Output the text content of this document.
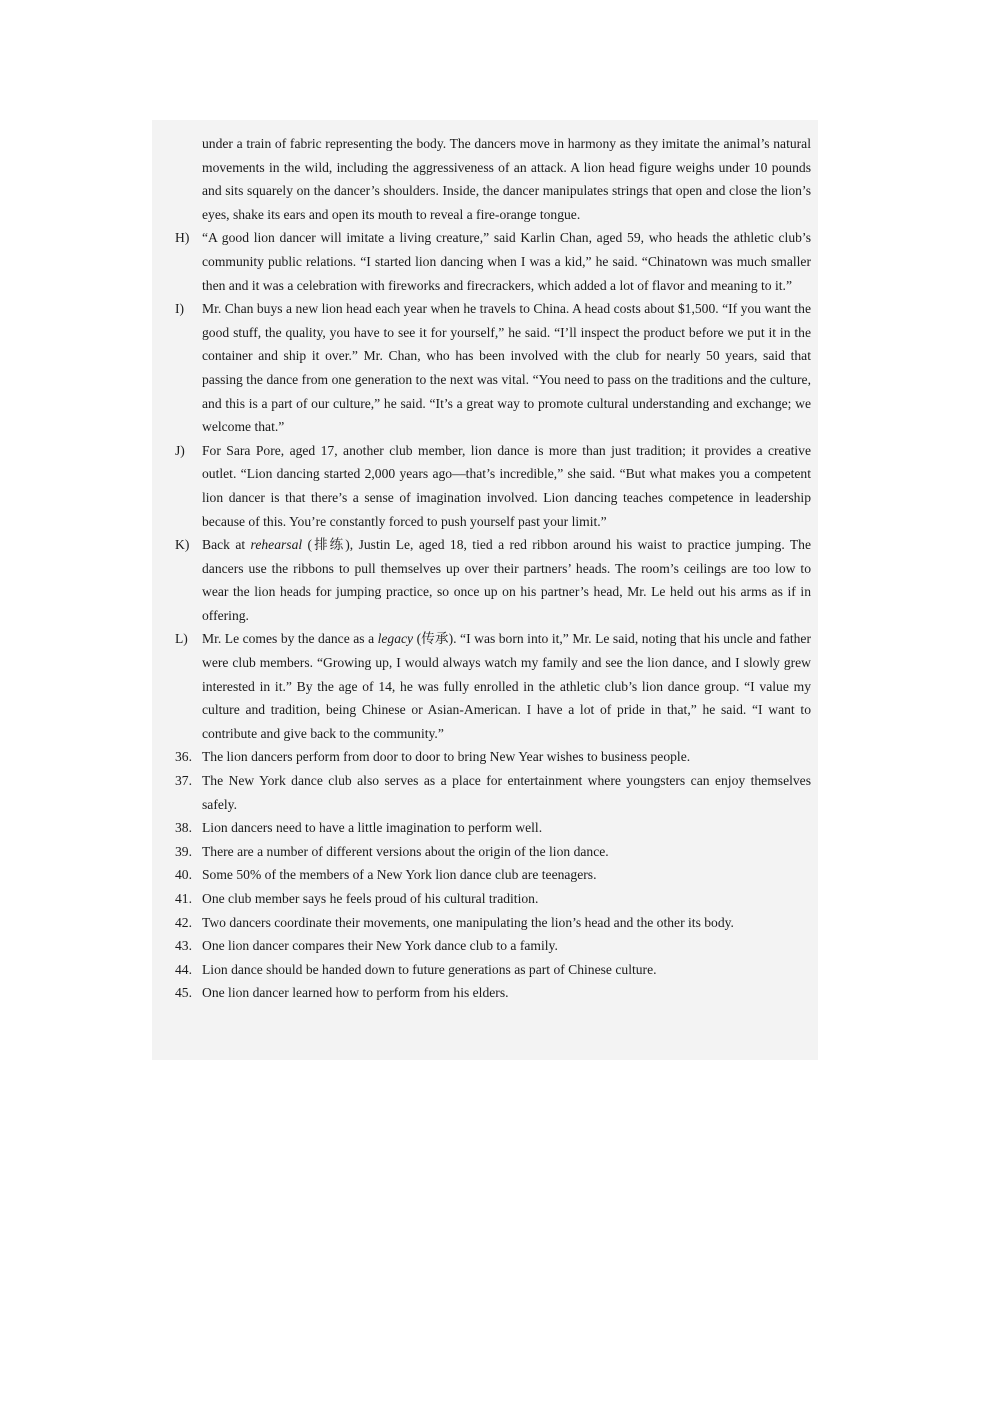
under a train of fabric representing the body. The dancers move in harmony as they imitate the animal’s natural movements in the wild, including the aggressiveness of an attack. A lion head figure weighs under 10 pounds and sits squarely on the dancer’s shoulders. Inside, the dancer manipulates strings that open and close the lion’s eyes, shake its ears and open its mouth to reveal a fire-orange tongue.

H) “A good lion dancer will imitate a living creature,” said Karlin Chan, aged 59, who heads the athletic club’s community public relations. “I started lion dancing when I was a kid,” he said. “Chinatown was much smaller then and it was a celebration with fireworks and firecrackers, which added a lot of flavor and meaning to it.”

I) Mr. Chan buys a new lion head each year when he travels to China. A head costs about $1,500. “If you want the good stuff, the quality, you have to see it for yourself,” he said. “I’ll inspect the product before we put it in the container and ship it over.” Mr. Chan, who has been involved with the club for nearly 50 years, said that passing the dance from one generation to the next was vital. “You need to pass on the traditions and the culture, and this is a part of our culture,” he said. “It’s a great way to promote cultural understanding and exchange; we welcome that.”

J) For Sara Pore, aged 17, another club member, lion dance is more than just tradition; it provides a creative outlet. “Lion dancing started 2,000 years ago—that’s incredible,” she said. “But what makes you a competent lion dancer is that there’s a sense of imagination involved. Lion dancing teaches competence in leadership because of this. You’re constantly forced to push yourself past your limit.”

K) Back at rehearsal (排练), Justin Le, aged 18, tied a red ribbon around his waist to practice jumping. The dancers use the ribbons to pull themselves up over their partners’ heads. The room’s ceilings are too low to wear the lion heads for jumping practice, so once up on his partner’s head, Mr. Le held out his arms as if in offering.

L) Mr. Le comes by the dance as a legacy (传承). “I was born into it,” Mr. Le said, noting that his uncle and father were club members. “Growing up, I would always watch my family and see the lion dance, and I slowly grew interested in it.” By the age of 14, he was fully enrolled in the athletic club’s lion dance group. “I value my culture and tradition, being Chinese or Asian-American. I have a lot of pride in that,” he said. “I want to contribute and give back to the community.”

36. The lion dancers perform from door to door to bring New Year wishes to business people.

37. The New York dance club also serves as a place for entertainment where youngsters can enjoy themselves safely.

38. Lion dancers need to have a little imagination to perform well.

39. There are a number of different versions about the origin of the lion dance.

40. Some 50% of the members of a New York lion dance club are teenagers.

41. One club member says he feels proud of his cultural tradition.

42. Two dancers coordinate their movements, one manipulating the lion’s head and the other its body.

43. One lion dancer compares their New York dance club to a family.

44. Lion dance should be handed down to future generations as part of Chinese culture.

45. One lion dancer learned how to perform from his elders.
